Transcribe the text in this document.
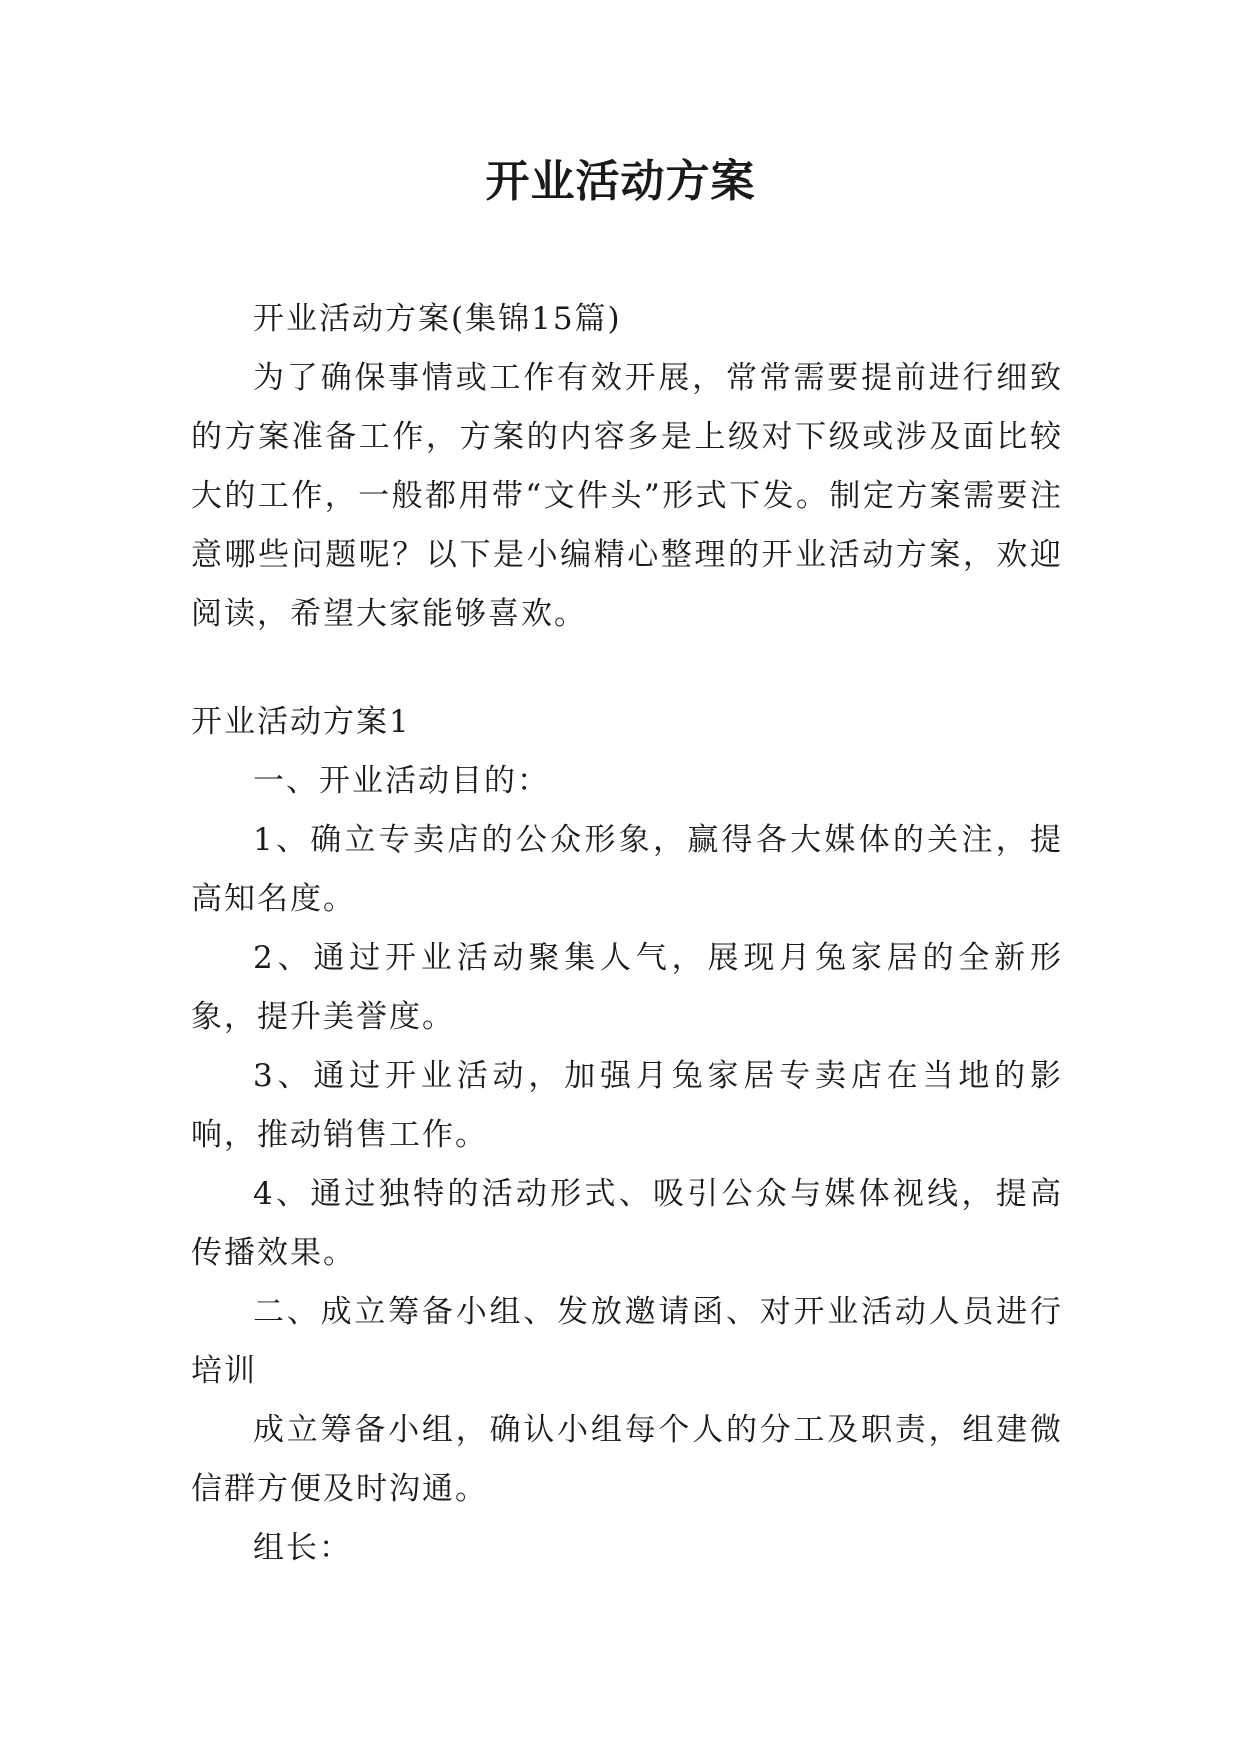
开业活动方案

开业活动方案(集锦15篇)

为了确保事情或工作有效开展，常常需要提前进行细致的方案准备工作，方案的内容多是上级对下级或涉及面比较大的工作，一般都用带“文件头”形式下发。制定方案需要注意哪些问题呢？以下是小编精心整理的开业活动方案，欢迎阅读，希望大家能够喜欢。

开业活动方案1

一、开业活动目的：

1、确立专卖店的公众形象，赢得各大媒体的关注，提高知名度。

2、通过开业活动聚集人气，展现月兔家居的全新形象，提升美誉度。

3、通过开业活动，加强月兔家居专卖店在当地的影响，推动销售工作。

4、通过独特的活动形式、吸引公众与媒体视线，提高传播效果。

二、成立筹备小组、发放邀请函、对开业活动人员进行培训

成立筹备小组，确认小组每个人的分工及职责，组建微信群方便及时沟通。

组长：
